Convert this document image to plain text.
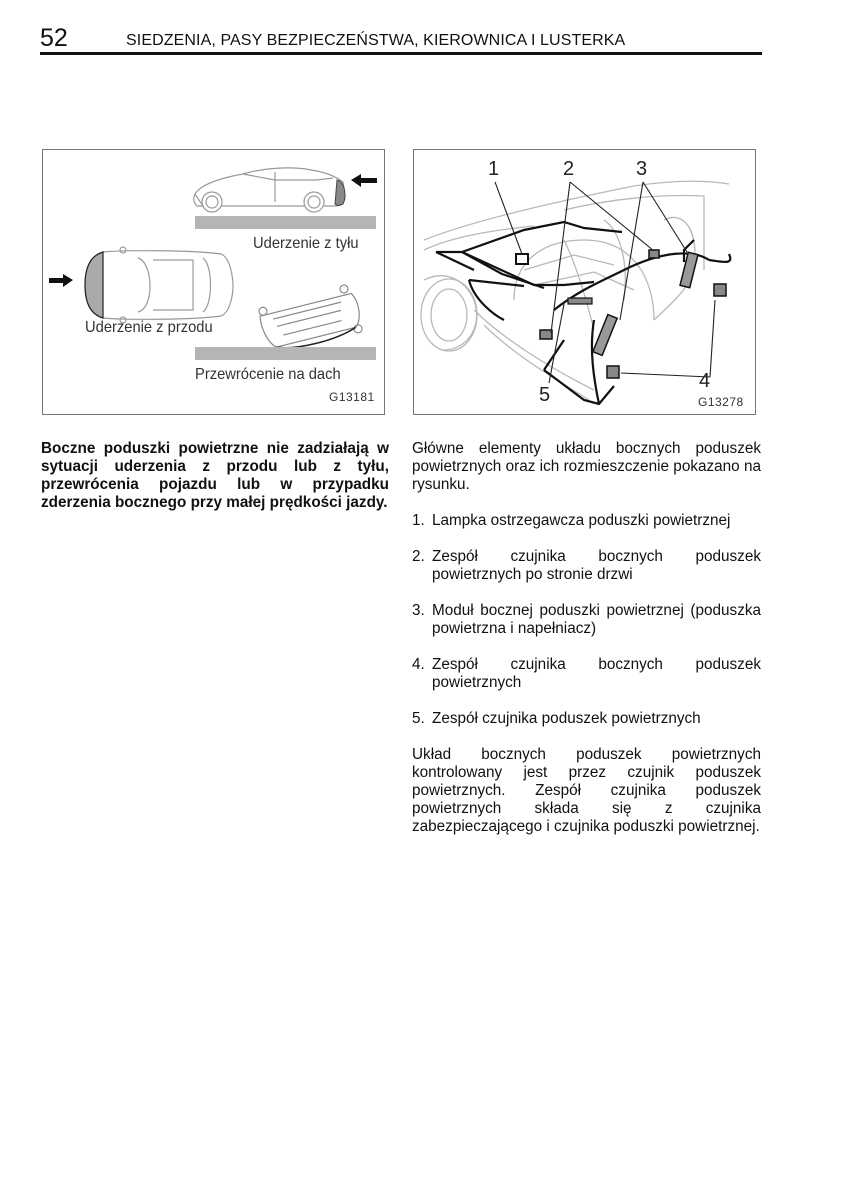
52	SIEDZENIA, PASY BEZPIECZEŃSTWA, KIEROWNICA I LUSTERKA
Uderzenie z tyłu
Uderzenie z przodu
Przewrócenie na dach
G13181
1	2	3
4
5	G13278

Boczne poduszki powietrzne nie zadziałają w sytuacji uderzenia z przodu lub z tyłu, przewrócenia pojazdu lub w przypadku zderzenia bocznego przy małej prędkości jazdy.

Główne elementy układu bocznych poduszek powietrznych oraz ich rozmieszczenie pokazano na rysunku.

1. Lampka ostrzegawcza poduszki powietrznej
2. Zespół czujnika bocznych poduszek powietrznych po stronie drzwi
3. Moduł bocznej poduszki powietrznej (poduszka powietrzna i napełniacz)
4. Zespół czujnika bocznych poduszek powietrznych
5. Zespół czujnika poduszek powietrznych

Układ bocznych poduszek powietrznych kontrolowany jest przez czujnik poduszek powietrznych. Zespół czujnika poduszek powietrznych składa się z czujnika zabezpieczającego i czujnika poduszki powietrznej.
